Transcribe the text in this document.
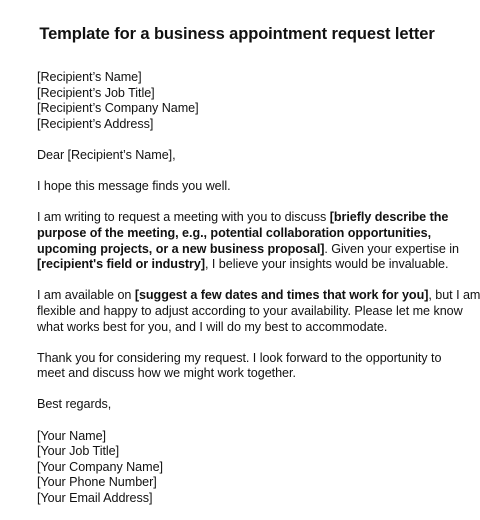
Template for a business appointment request letter
[Recipient’s Name]
[Recipient’s Job Title]
[Recipient’s Company Name]
[Recipient’s Address]
Dear [Recipient’s Name],
I hope this message finds you well.
I am writing to request a meeting with you to discuss [briefly describe the
purpose of the meeting, e.g., potential collaboration opportunities,
upcoming projects, or a new business proposal]. Given your expertise in
[recipient's field or industry], I believe your insights would be invaluable.
I am available on [suggest a few dates and times that work for you], but I am
flexible and happy to adjust according to your availability. Please let me know
what works best for you, and I will do my best to accommodate.
Thank you for considering my request. I look forward to the opportunity to
meet and discuss how we might work together.
Best regards,
[Your Name]
[Your Job Title]
[Your Company Name]
[Your Phone Number]
[Your Email Address]
